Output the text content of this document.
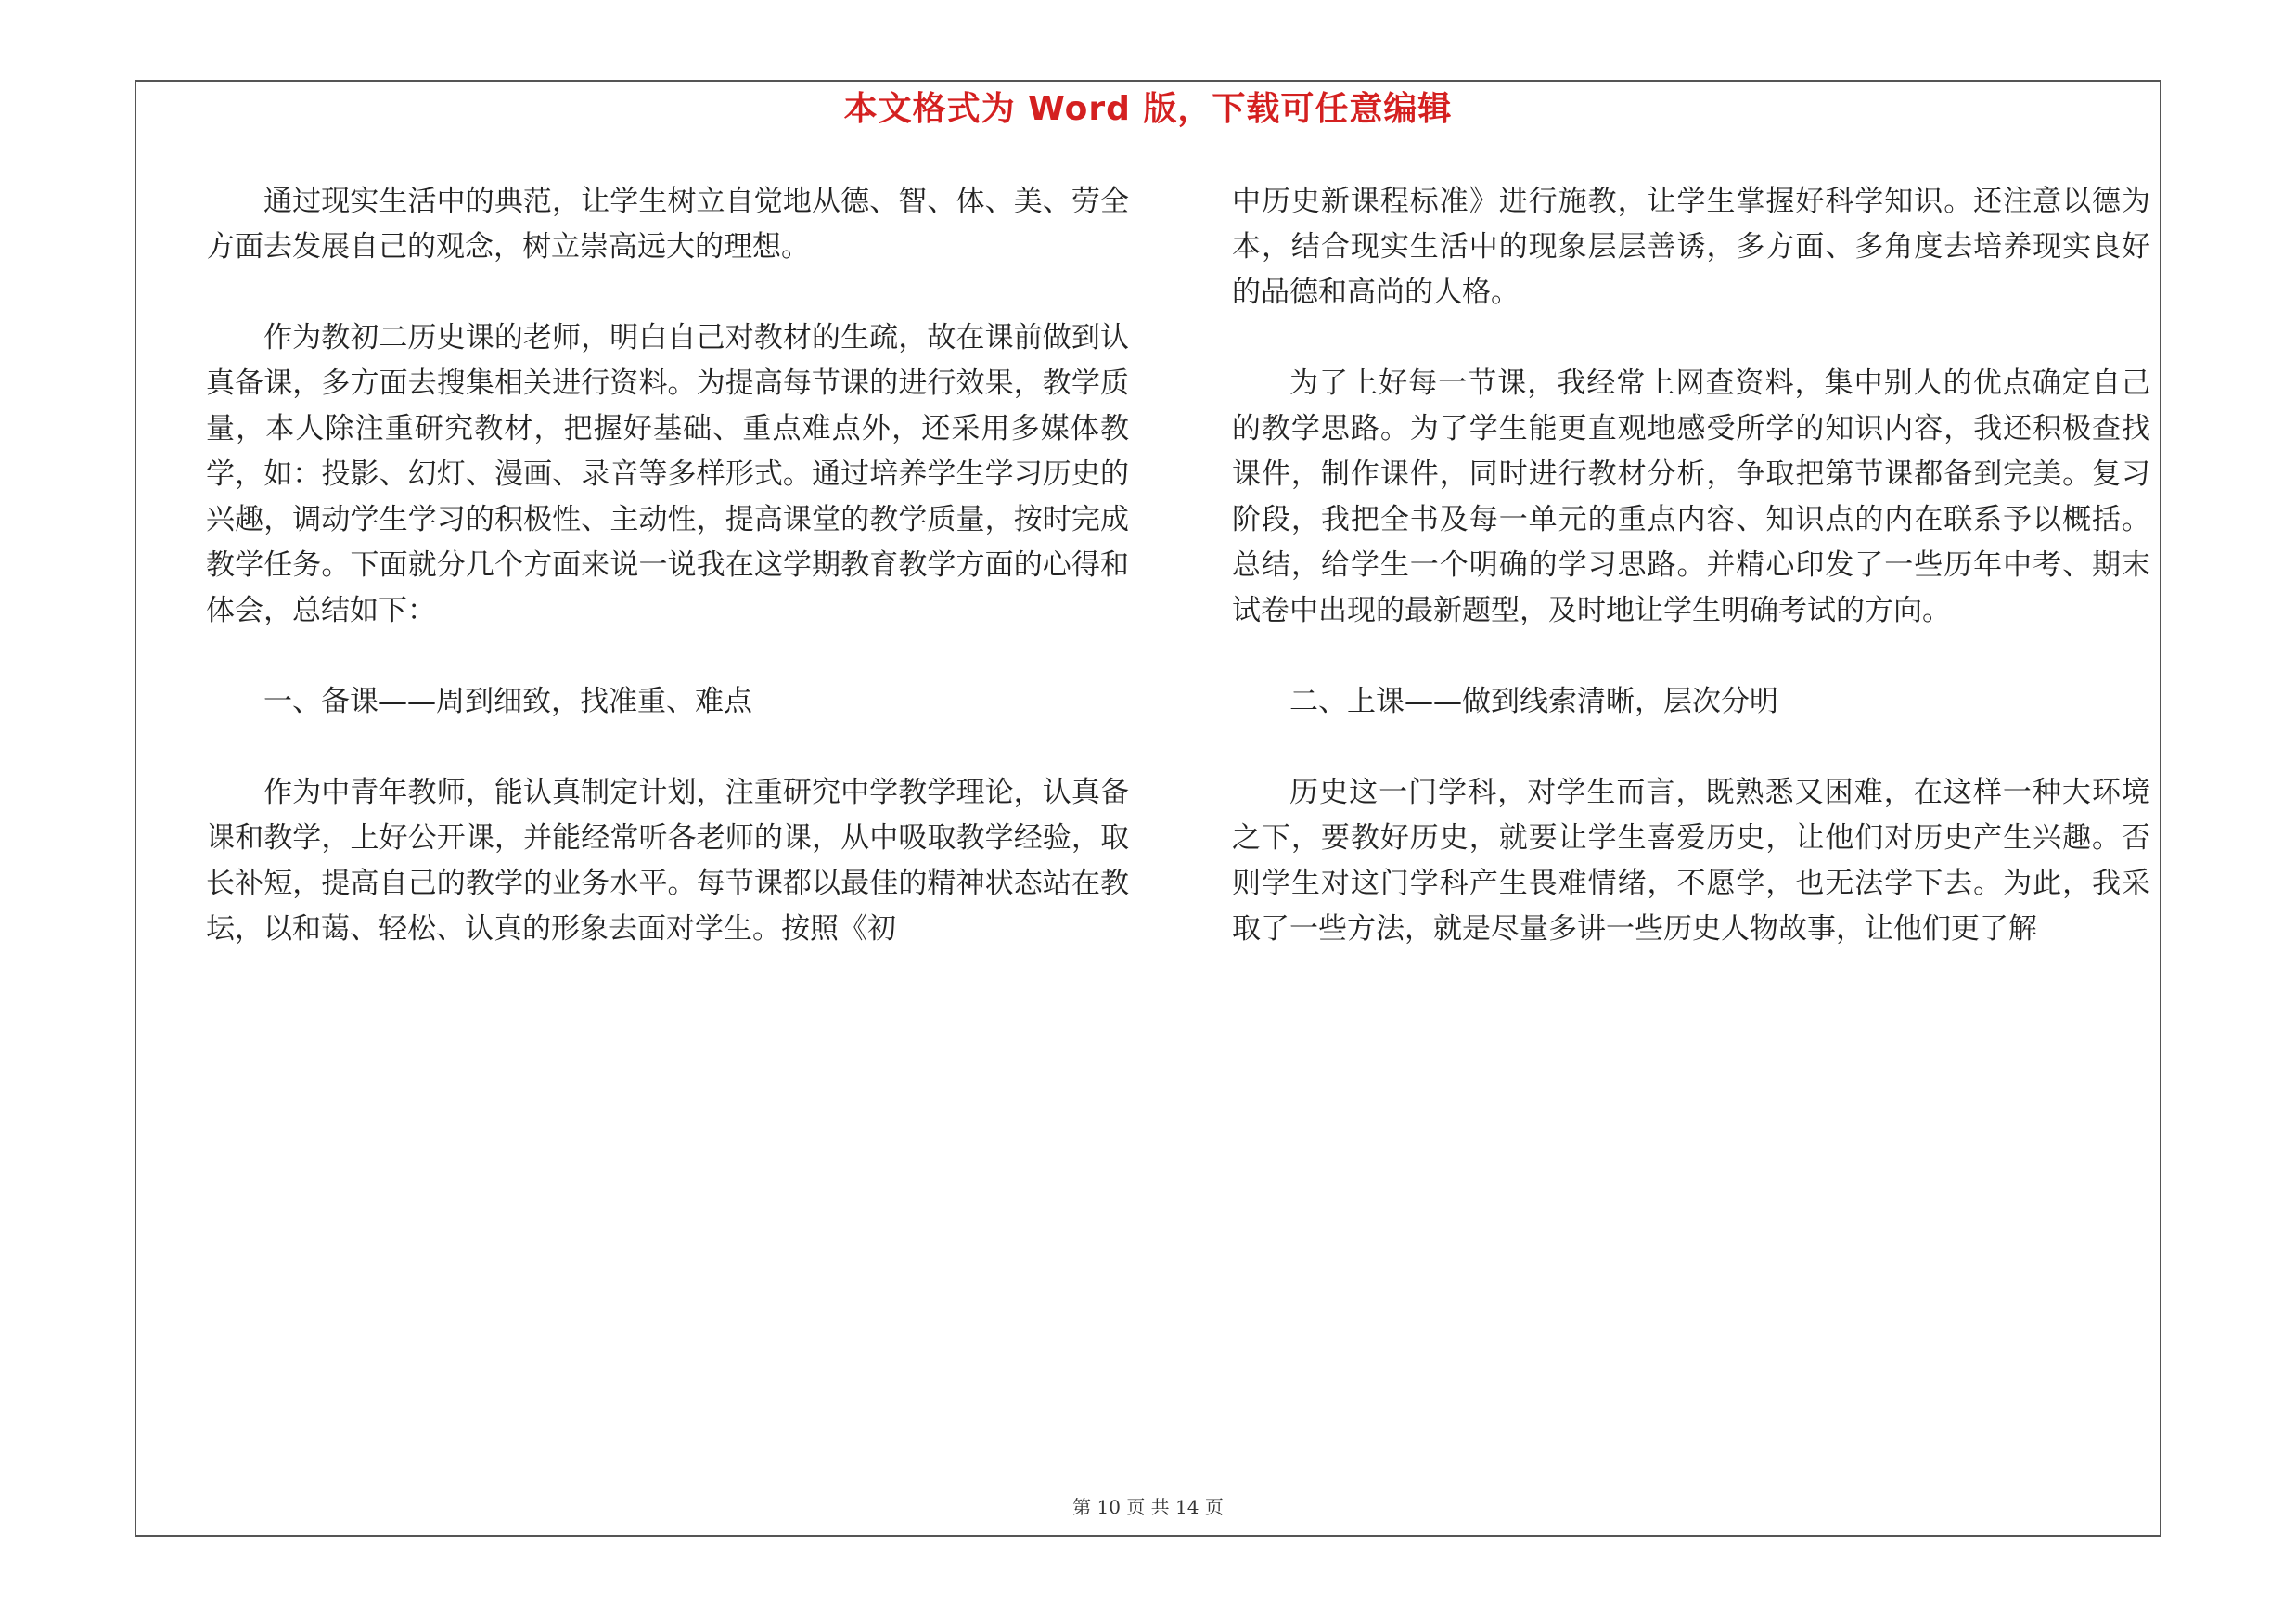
本文格式为 Word 版，下载可任意编辑

通过现实生活中的典范，让学生树立自觉地从德、智、体、美、劳全方面去发展自己的观念，树立崇高远大的理想。

作为教初二历史课的老师，明白自己对教材的生疏，故在课前做到认真备课，多方面去搜集相关进行资料。为提高每节课的进行效果，教学质量，本人除注重研究教材，把握好基础、重点难点外，还采用多媒体教学，如：投影、幻灯、漫画、录音等多样形式。通过培养学生学习历史的兴趣，调动学生学习的积极性、主动性，提高课堂的教学质量，按时完成教学任务。下面就分几个方面来说一说我在这学期教育教学方面的心得和体会，总结如下：

一、备课——周到细致，找准重、难点

作为中青年教师，能认真制定计划，注重研究中学教学理论，认真备课和教学，上好公开课，并能经常听各老师的课，从中吸取教学经验，取长补短，提高自己的教学的业务水平。每节课都以最佳的精神状态站在教坛，以和蔼、轻松、认真的形象去面对学生。按照《初

中历史新课程标准》进行施教，让学生掌握好科学知识。还注意以德为本，结合现实生活中的现象层层善诱，多方面、多角度去培养现实良好的品德和高尚的人格。

为了上好每一节课，我经常上网查资料，集中别人的优点确定自己的教学思路。为了学生能更直观地感受所学的知识内容，我还积极查找课件，制作课件，同时进行教材分析，争取把第节课都备到完美。复习阶段，我把全书及每一单元的重点内容、知识点的内在联系予以概括。总结，给学生一个明确的学习思路。并精心印发了一些历年中考、期末试卷中出现的最新题型，及时地让学生明确考试的方向。

二、上课——做到线索清晰，层次分明

历史这一门学科，对学生而言，既熟悉又困难，在这样一种大环境之下，要教好历史，就要让学生喜爱历史，让他们对历史产生兴趣。否则学生对这门学科产生畏难情绪，不愿学，也无法学下去。为此，我采取了一些方法，就是尽量多讲一些历史人物故事，让他们更了解

第 10 页 共 14 页
